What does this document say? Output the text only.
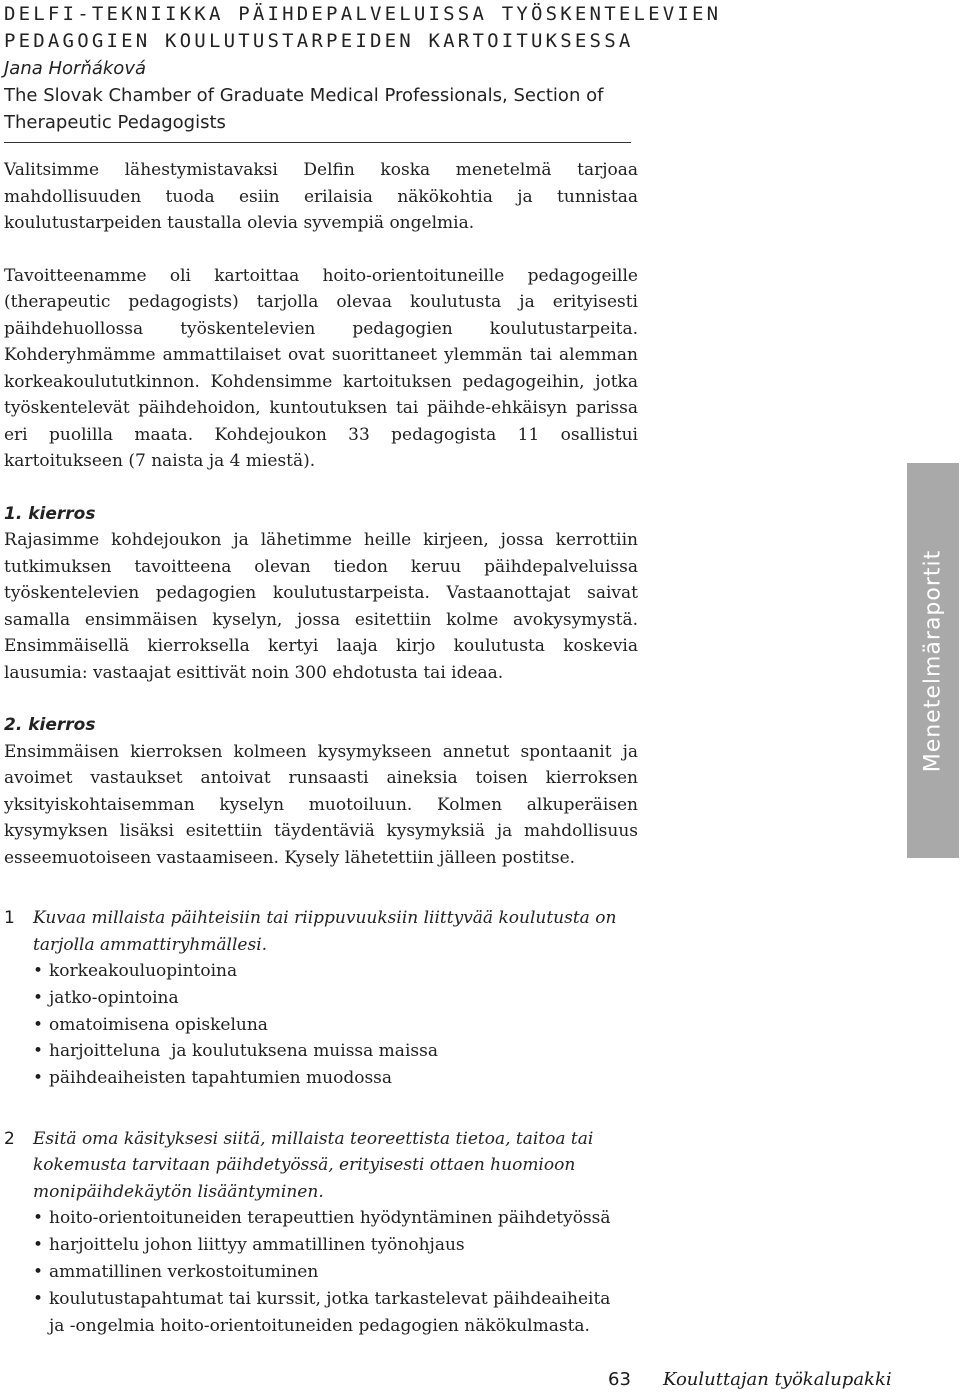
DELFI-TEKNIIKKA PÄIHDEPALVELUISSA TYÖSKENTELEVIEN
PEDAGOGIEN KOULUTUSTARPEIDEN KARTOITUKSESSA
Jana Horňáková
The Slovak Chamber of Graduate Medical Professionals, Section of
Therapeutic Pedagogists

Valitsimme lähestymistavaksi Delfin koska menetelmä tarjoaa mahdollisuuden tuoda esiin erilaisia näkökohtia ja tunnistaa koulutustarpeiden taustalla olevia syvempiä ongelmia.

Tavoitteenamme oli kartoittaa hoito-orientoituneille pedagogeille (therapeutic pedagogists) tarjolla olevaa koulutusta ja erityisesti päihdehuollossa työskentelevien pedagogien koulutustarpeita. Kohderyhmämme ammattilaiset ovat suorittaneet ylemmän tai alemman korkeakoulututkinnon. Kohdensimme kartoituksen pedagogeihin, jotka työskentelevät päihdehoidon, kuntoutuksen tai päihde-ehkäisyn parissa eri puolilla maata. Kohdejoukon 33 pedagogista 11 osallistui kartoitukseen (7 naista ja 4 miestä).

1. kierros

Rajasimme kohdejoukon ja lähetimme heille kirjeen, jossa kerrottiin tutkimuksen tavoitteena olevan tiedon keruu päihdepalveluissa työskentelevien pedagogien koulutustarpeista. Vastaanottajat saivat samalla ensimmäisen kyselyn, jossa esitettiin kolme avokysymystä. Ensimmäisellä kierroksella kertyi laaja kirjo koulutusta koskevia lausumia: vastaajat esittivät noin 300 ehdotusta tai ideaa.

2. kierros

Ensimmäisen kierroksen kolmeen kysymykseen annetut spontaanit ja avoimet vastaukset antoivat runsaasti aineksia toisen kierroksen yksityiskohtaisemman kyselyn muotoiluun. Kolmen alkuperäisen kysymyksen lisäksi esitettiin täydentäviä kysymyksiä ja mahdollisuus esseemuotoiseen vastaamiseen. Kysely lähetettiin jälleen postitse.

1 Kuvaa millaista päihteisiin tai riippuvuuksiin liittyvää koulutusta on tarjolla ammattiryhmällesi.
• korkeakouluopintoina
• jatko-opintoina
• omatoimisena opiskeluna
• harjoitteluna  ja koulutuksena muissa maissa
• päihdeaiheisten tapahtumien muodossa
2 Esitä oma käsityksesi siitä, millaista teoreettista tietoa, taitoa tai kokemusta tarvitaan päihdetyössä, erityisesti ottaen huomioon monipäihdekäytön lisääntyminen.
• hoito-orientoituneiden terapeuttien hyödyntäminen päihdetyössä
• harjoittelu johon liittyy ammatillinen työnohjaus
• ammatillinen verkostoituminen
• koulutustapahtumat tai kurssit, jotka tarkastelevat päihdeaiheita
ja -ongelmia hoito-orientoituneiden pedagogien näkökulmasta.
Menetelmäraportit
63 Kouluttajan työkalupakki
